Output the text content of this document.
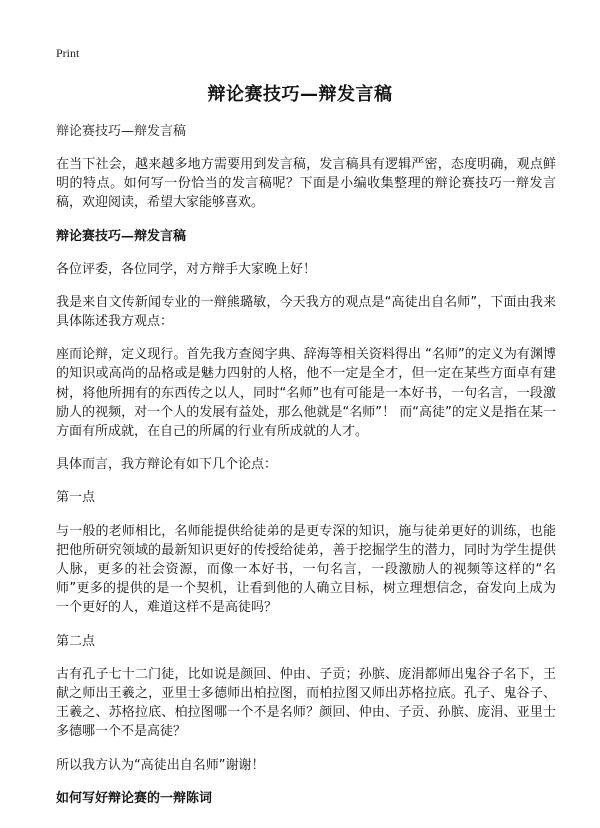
Print
辩论赛技巧—辩发言稿

辩论赛技巧—辩发言稿

在当下社会，越来越多地方需要用到发言稿，发言稿具有逻辑严密，态度明确，观点鲜明的特点。如何写一份恰当的发言稿呢？下面是小编收集整理的辩论赛技巧一辩发言稿，欢迎阅读，希望大家能够喜欢。

辩论赛技巧—辩发言稿

各位评委，各位同学，对方辩手大家晚上好！

我是来自文传新闻专业的一辩熊璐敏，今天我方的观点是“高徒出自名师”，下面由我来具体陈述我方观点：

座而论辩，定义现行。首先我方查阅字典、辞海等相关资料得出 “名师”的定义为有渊博的知识或高尚的品格或是魅力四射的人格，他不一定是全才，但一定在某些方面卓有建树，将他所拥有的东西传之以人，同时“名师”也有可能是一本好书，一句名言，一段激励人的视频，对一个人的发展有益处，那么他就是“名师”！ 而“高徒”的定义是指在某一方面有所成就，在自己的所属的行业有所成就的人才。

具体而言，我方辩论有如下几个论点：

第一点

与一般的老师相比，名师能提供给徒弟的是更专深的知识，施与徒弟更好的训练，也能把他所研究领域的最新知识更好的传授给徒弟，善于挖掘学生的潜力，同时为学生提供人脉，更多的社会资源，而像一本好书，一句名言，一段激励人的视频等这样的“名师”更多的提供的是一个契机，让看到他的人确立目标，树立理想信念，奋发向上成为一个更好的人，难道这样不是高徒吗？

第二点

古有孔子七十二门徒，比如说是颜回、仲由、子贡；孙膑、庞涓都师出鬼谷子名下，王献之师出王羲之，亚里士多德师出柏拉图，而柏拉图又师出苏格拉底。孔子、鬼谷子、王羲之、苏格拉底、柏拉图哪一个不是名师？颜回、仲由、子贡、孙膑、庞涓、亚里士多德哪一个不是高徒？

所以我方认为“高徒出自名师”谢谢！

如何写好辩论赛的一辩陈词
